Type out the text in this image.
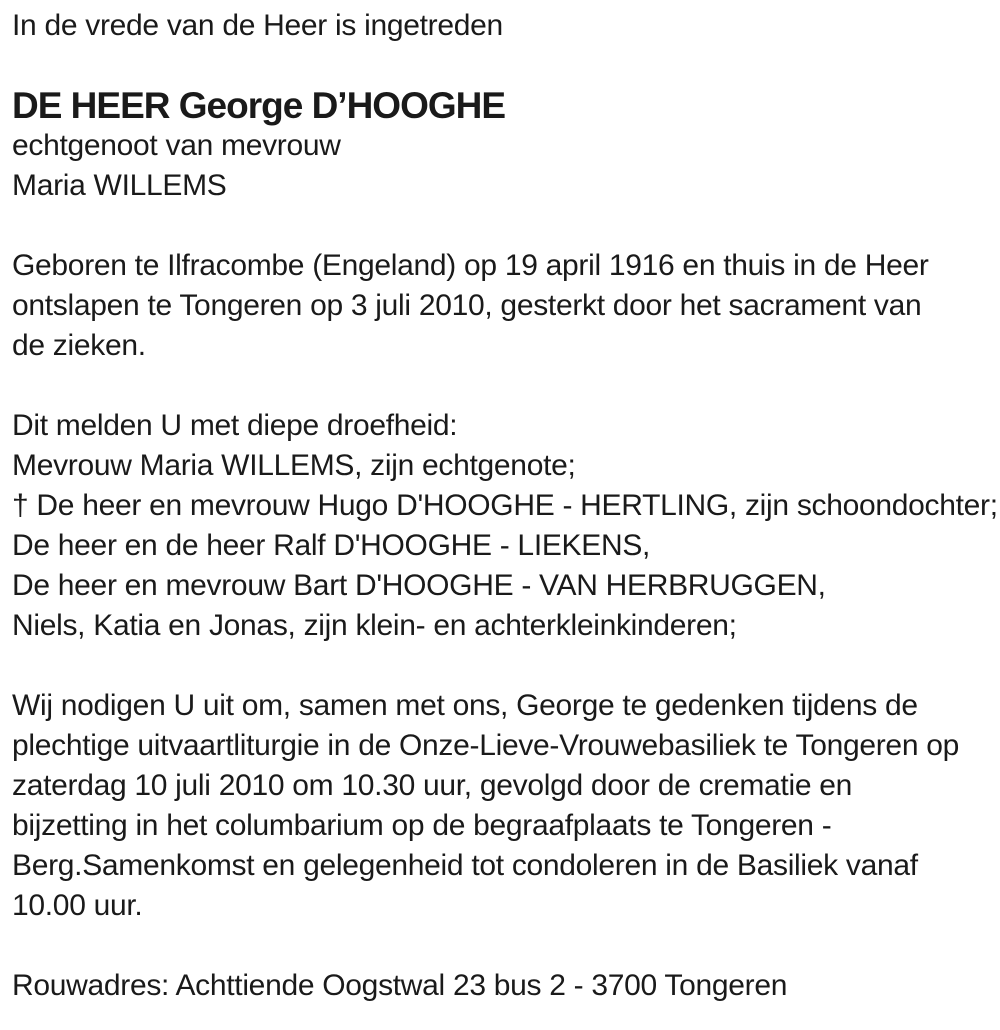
In de vrede van de Heer is ingetreden
DE HEER George D’HOOGHE
echtgenoot van mevrouw
Maria WILLEMS
Geboren te Ilfracombe (Engeland) op 19 april 1916 en thuis in de Heer
ontslapen te Tongeren op 3 juli 2010, gesterkt door het sacrament van
de zieken.
Dit melden U met diepe droefheid:
Mevrouw Maria WILLEMS, zijn echtgenote;
† De heer en mevrouw Hugo D'HOOGHE - HERTLING, zijn schoondochter;
De heer en de heer Ralf D'HOOGHE - LIEKENS,
De heer en mevrouw Bart D'HOOGHE - VAN HERBRUGGEN,
Niels, Katia en Jonas, zijn klein- en achterkleinkinderen;
Wij nodigen U uit om, samen met ons, George te gedenken tijdens de
plechtige uitvaartliturgie in de Onze-Lieve-Vrouwebasiliek te Tongeren op
zaterdag 10 juli 2010 om 10.30 uur, gevolgd door de crematie en
bijzetting in het columbarium op de begraafplaats te Tongeren -
Berg.Samenkomst en gelegenheid tot condoleren in de Basiliek vanaf
10.00 uur.
Rouwadres: Achttiende Oogstwal 23 bus 2 - 3700 Tongeren
